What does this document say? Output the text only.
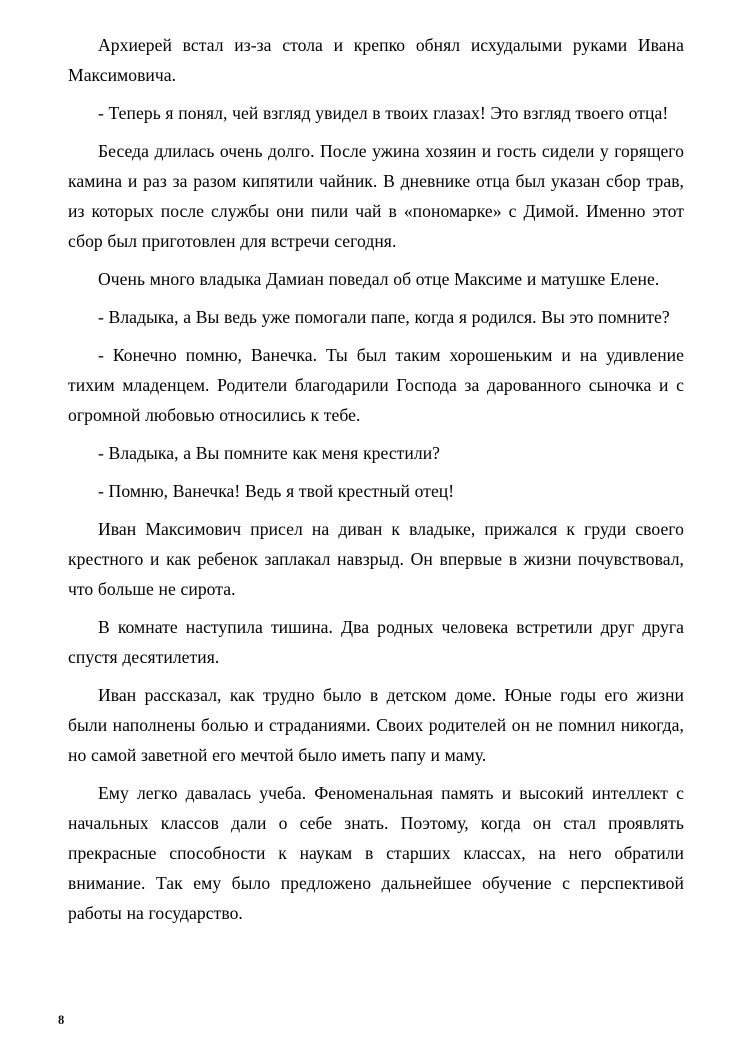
Архиерей встал из-за стола и крепко обнял исхудалыми руками Ивана Максимовича.

- Теперь я понял, чей взгляд увидел в твоих глазах! Это взгляд твоего отца!

Беседа длилась очень долго. После ужина хозяин и гость сидели у горящего камина и раз за разом кипятили чайник. В дневнике отца был указан сбор трав, из которых после службы они пили чай в «пономарке» с Димой. Именно этот сбор был приготовлен для встречи сегодня.

Очень много владыка Дамиан поведал об отце Максиме и матушке Елене.

- Владыка, а Вы ведь уже помогали папе, когда я родился. Вы это помните?

- Конечно помню, Ванечка. Ты был таким хорошеньким и на удивление тихим младенцем. Родители благодарили Господа за дарованного сыночка и с огромной любовью относились к тебе.

- Владыка, а Вы помните как меня крестили?

- Помню, Ванечка! Ведь я твой крестный отец!

Иван Максимович присел на диван к владыке, прижался к груди своего крестного и как ребенок заплакал навзрыд. Он впервые в жизни почувствовал, что больше не сирота.

В комнате наступила тишина. Два родных человека встретили друг друга спустя десятилетия.

Иван рассказал, как трудно было в детском доме. Юные годы его жизни были наполнены болью и страданиями. Своих родителей он не помнил никогда, но самой заветной его мечтой было иметь папу и маму.

Ему легко давалась учеба. Феноменальная память и высокий интеллект с начальных классов дали о себе знать. Поэтому, когда он стал проявлять прекрасные способности к наукам в старших классах, на него обратили внимание. Так ему было предложено дальнейшее обучение с перспективой работы на государство.

8
